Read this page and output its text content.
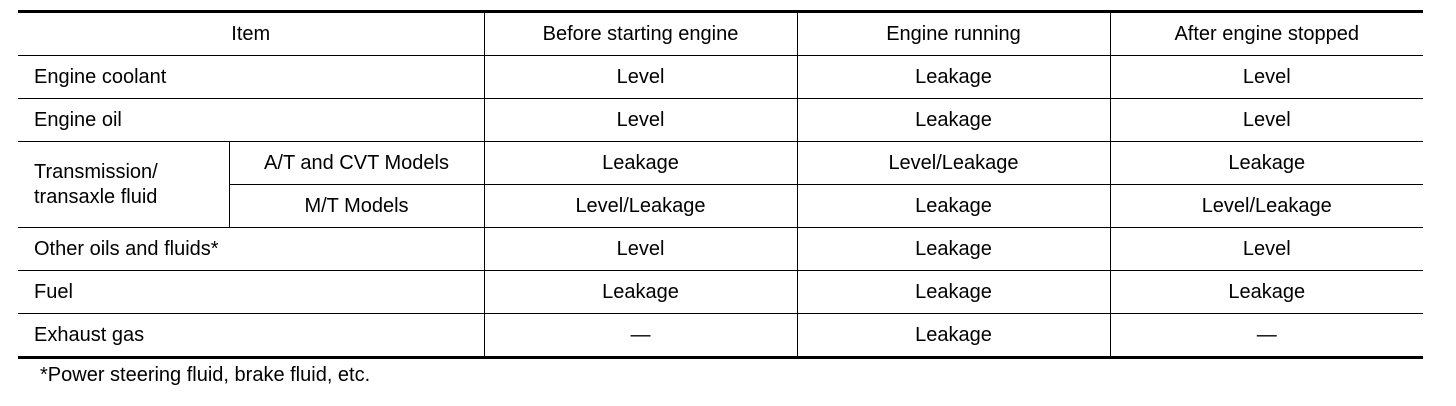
Item		Before starting engine	Engine running	After engine stopped
Engine coolant		Level	Leakage	Level
Engine oil		Level	Leakage	Level
Transmission/
transaxle fluid	A/T and CVT Models	Leakage	Level/Leakage	Leakage
	M/T Models	Level/Leakage	Leakage	Level/Leakage
Other oils and fluids*		Level	Leakage	Level
Fuel		Leakage	Leakage	Leakage
Exhaust gas		—	Leakage	—
*Power steering fluid, brake fluid, etc.
